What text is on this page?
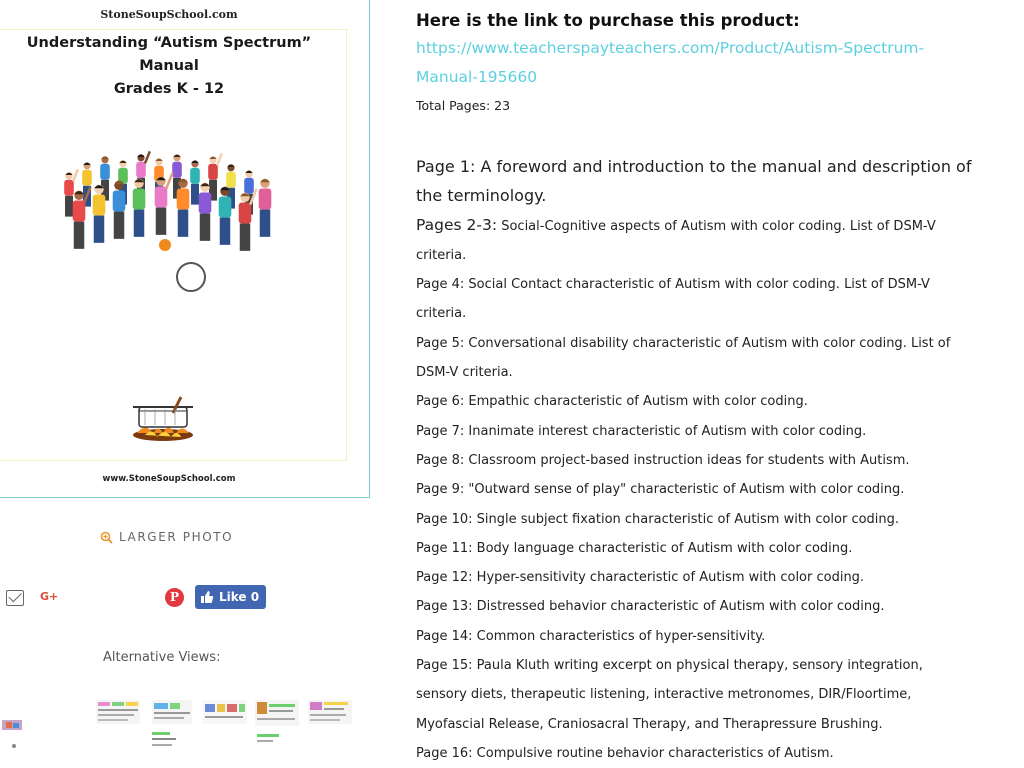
StoneSoupSchool.com
Understanding “Autism Spectrum”
Manual
Grades K - 12
www.StoneSoupSchool.com
LARGER PHOTO
G+	P	Like 0
Alternative Views:
Here is the link to purchase this product:
https://www.teacherspayteachers.com/Product/Autism-Spectrum-
Manual-195660
Total Pages: 23
Page 1: A foreword and introduction to the manual and description of
the terminology.
Pages 2-3: Social-Cognitive aspects of Autism with color coding. List of DSM-V
criteria.
Page 4: Social Contact characteristic of Autism with color coding. List of DSM-V
criteria.
Page 5: Conversational disability characteristic of Autism with color coding. List of
DSM-V criteria.
Page 6: Empathic characteristic of Autism with color coding.
Page 7: Inanimate interest characteristic of Autism with color coding.
Page 8: Classroom project-based instruction ideas for students with Autism.
Page 9: "Outward sense of play" characteristic of Autism with color coding.
Page 10: Single subject fixation characteristic of Autism with color coding.
Page 11: Body language characteristic of Autism with color coding.
Page 12: Hyper-sensitivity characteristic of Autism with color coding.
Page 13: Distressed behavior characteristic of Autism with color coding.
Page 14: Common characteristics of hyper-sensitivity.
Page 15: Paula Kluth writing excerpt on physical therapy, sensory integration,
sensory diets, therapeutic listening, interactive metronomes, DIR/Floortime,
Myofascial Release, Craniosacral Therapy, and Therapressure Brushing.
Page 16: Compulsive routine behavior characteristics of Autism.
